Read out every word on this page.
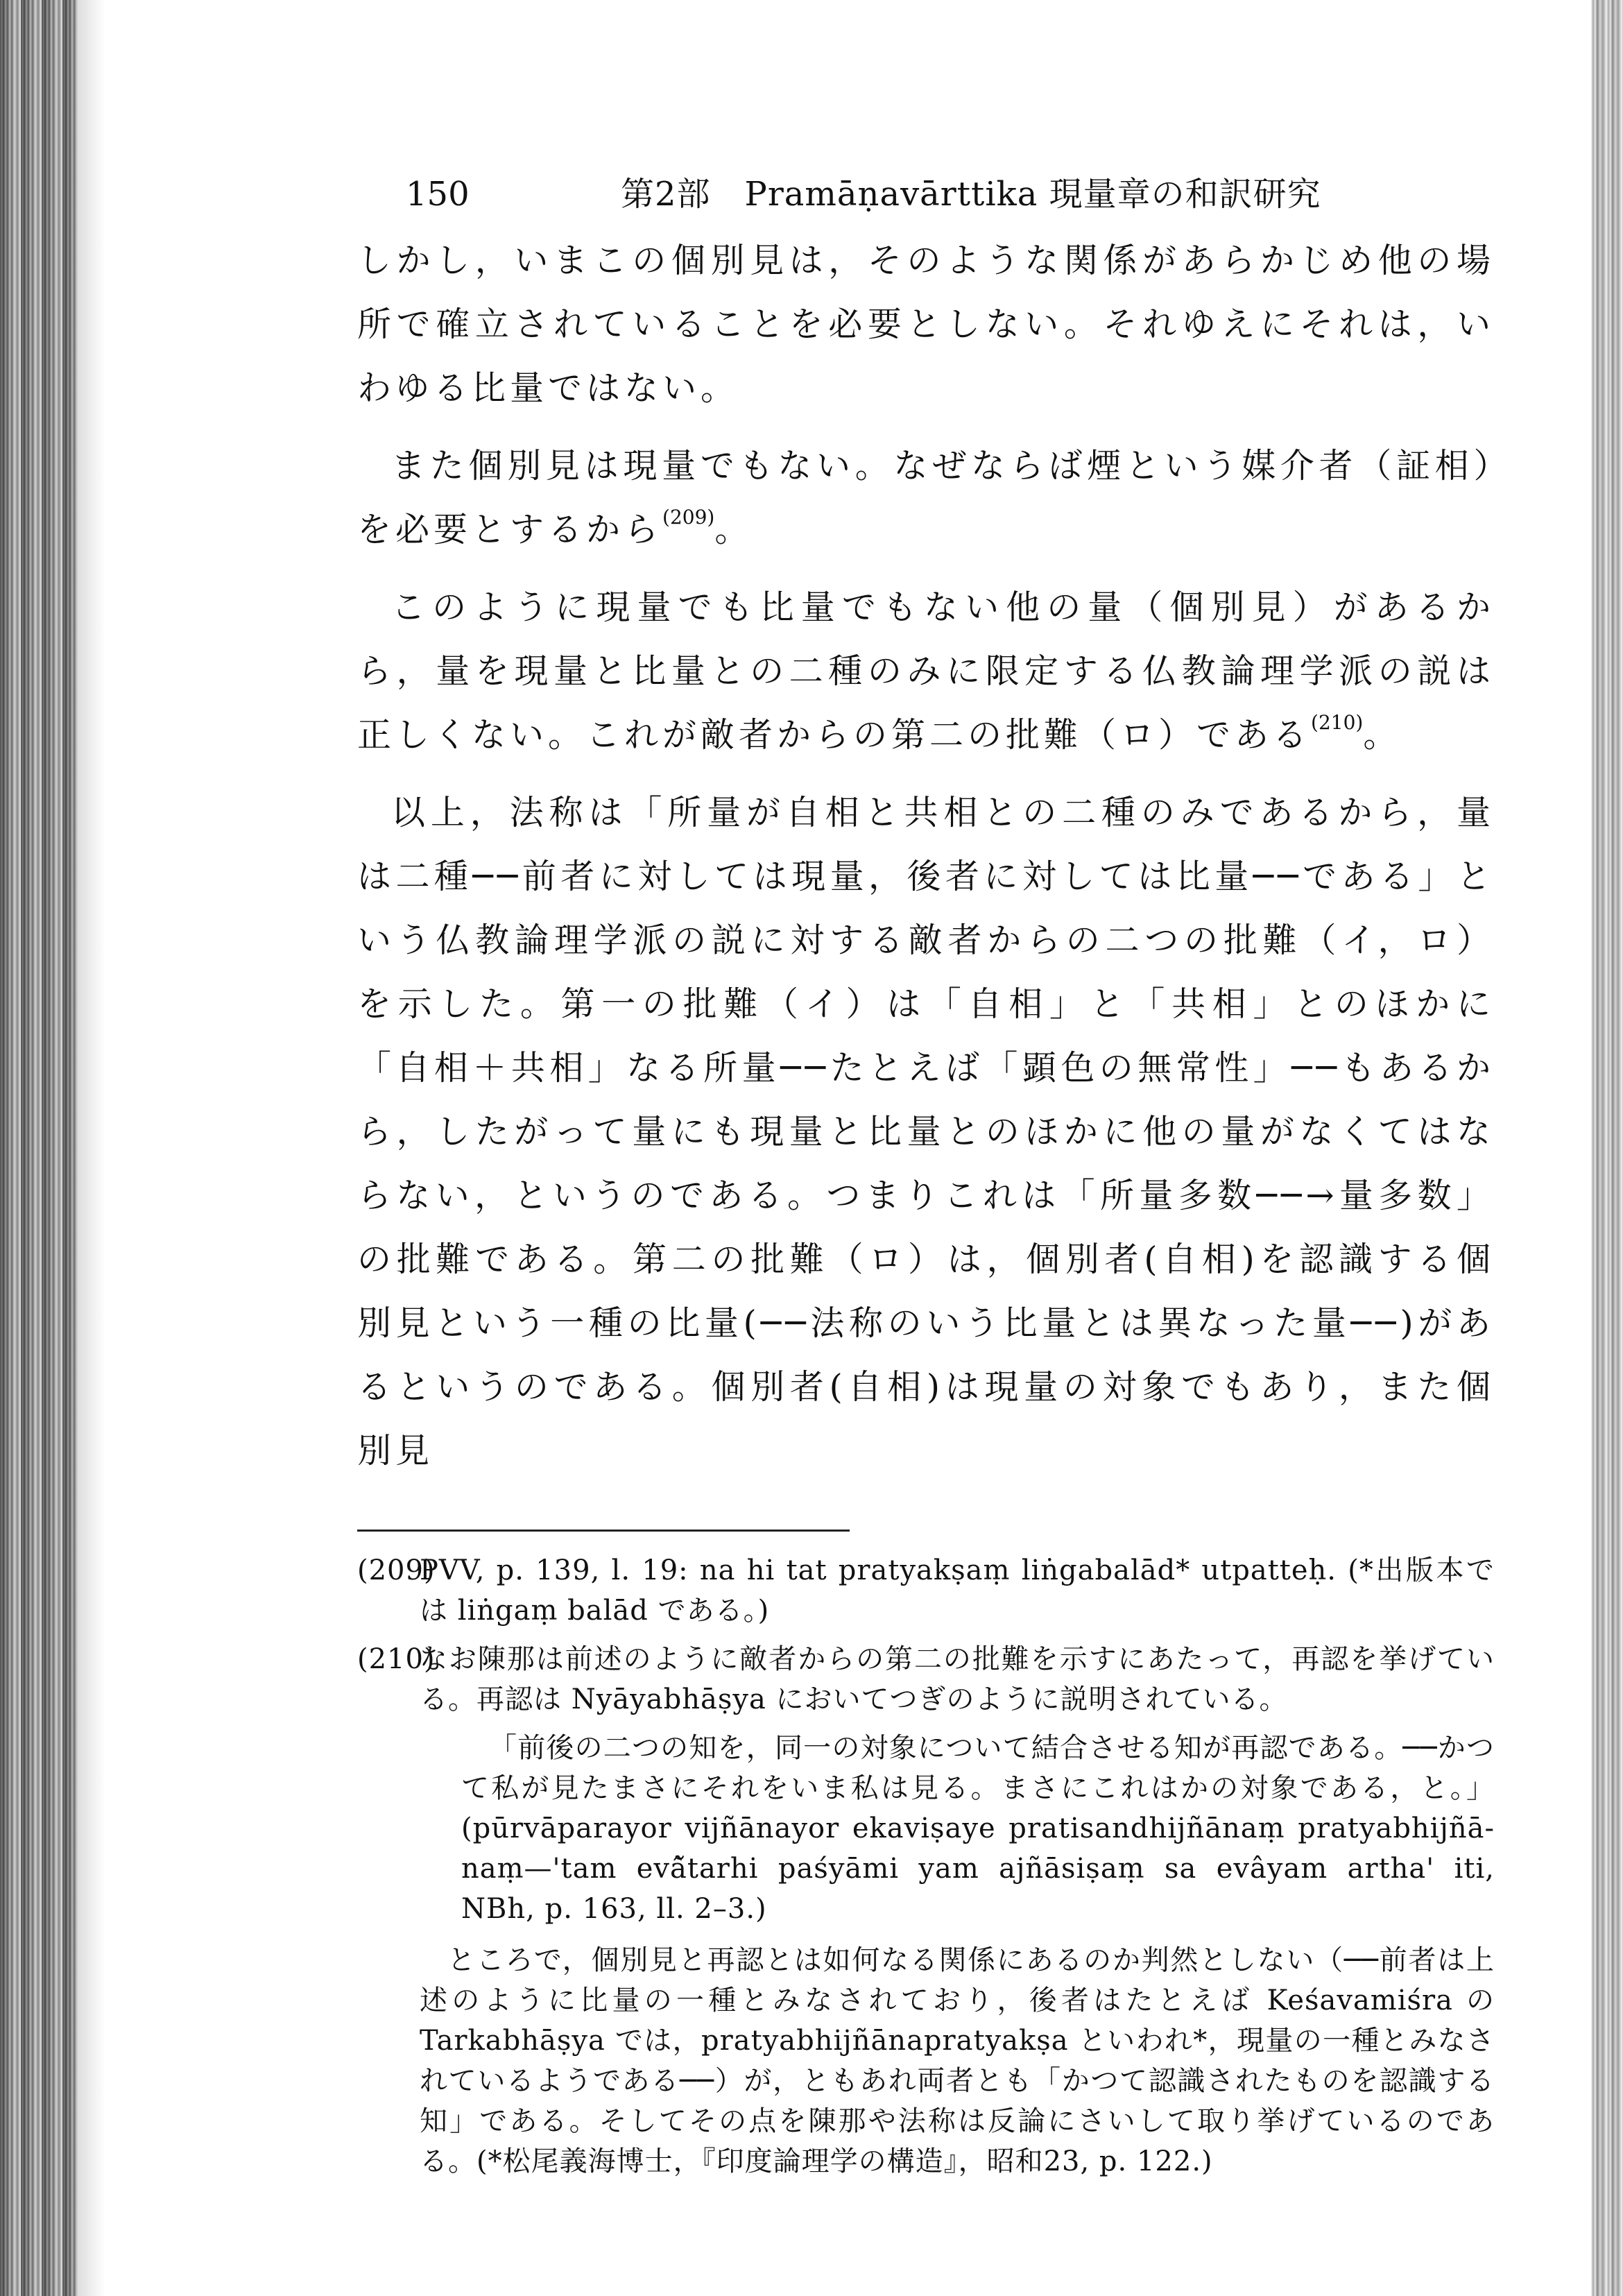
150	第2部　Pramāṇavārttika 現量章の和訳研究

しかし，いまこの個別見は，そのような関係があらかじめ他の場所で確立されていることを必要としない。それゆえにそれは，いわゆる比量ではない。

また個別見は現量でもない。なぜならば煙という媒介者（証相）を必要とするから$^{(209)}$。

このように現量でも比量でもない他の量（個別見）があるから，量を現量と比量との二種のみに限定する仏教論理学派の説は正しくない。これが敵者からの第二の批難（ロ）である$^{(210)}$。

以上，法称は「所量が自相と共相との二種のみであるから，量は二種──前者に対しては現量，後者に対しては比量──である」という仏教論理学派の説に対する敵者からの二つの批難（イ，ロ）を示した。第一の批難（イ）は「自相」と「共相」とのほかに「自相＋共相」なる所量──たとえば「顕色の無常性」──もあるから，したがって量にも現量と比量とのほかに他の量がなくてはならない，というのである。つまりこれは「所量多数──→量多数」の批難である。第二の批難（ロ）は，個別者(自相)を認識する個別見という一種の比量(──法称のいう比量とは異なった量──)があるというのである。個別者(自相)は現量の対象でもあり，また個別見

(209)
PVV, p. 139, l. 19: na hi tat pratyakṣaṃ liṅgabalād* utpatteḥ. (*出版本では liṅgaṃ balād である。)
(210)
なお陳那は前述のように敵者からの第二の批難を示すにあたって，再認を挙げている。再認は Nyāyabhāṣya においてつぎのように説明されている。
「前後の二つの知を，同一の対象について結合させる知が再認である。──かつて私が見たまさにそれをいま私は見る。まさにこれはかの対象である，と。」(pūrvāparayor vijñānayor ekaviṣaye pratisandhijñānaṃ pratyabhijñā-naṃ—'tam evâ̆tarhi paśyāmi yam ajñāsiṣaṃ sa evâyam artha' iti, NBh, p. 163, ll. 2–3.)
ところで，個別見と再認とは如何なる関係にあるのか判然としない（──前者は上述のように比量の一種とみなされており，後者はたとえば Keśavamiśra の Tarkabhāṣya では，pratyabhijñānapratyakṣa といわれ*，現量の一種とみなされているようである──）が，ともあれ両者とも「かつて認識されたものを認識する知」である。そしてその点を陳那や法称は反論にさいして取り挙げているのである。(*松尾義海博士，『印度論理学の構造』，昭和23, p. 122.)
